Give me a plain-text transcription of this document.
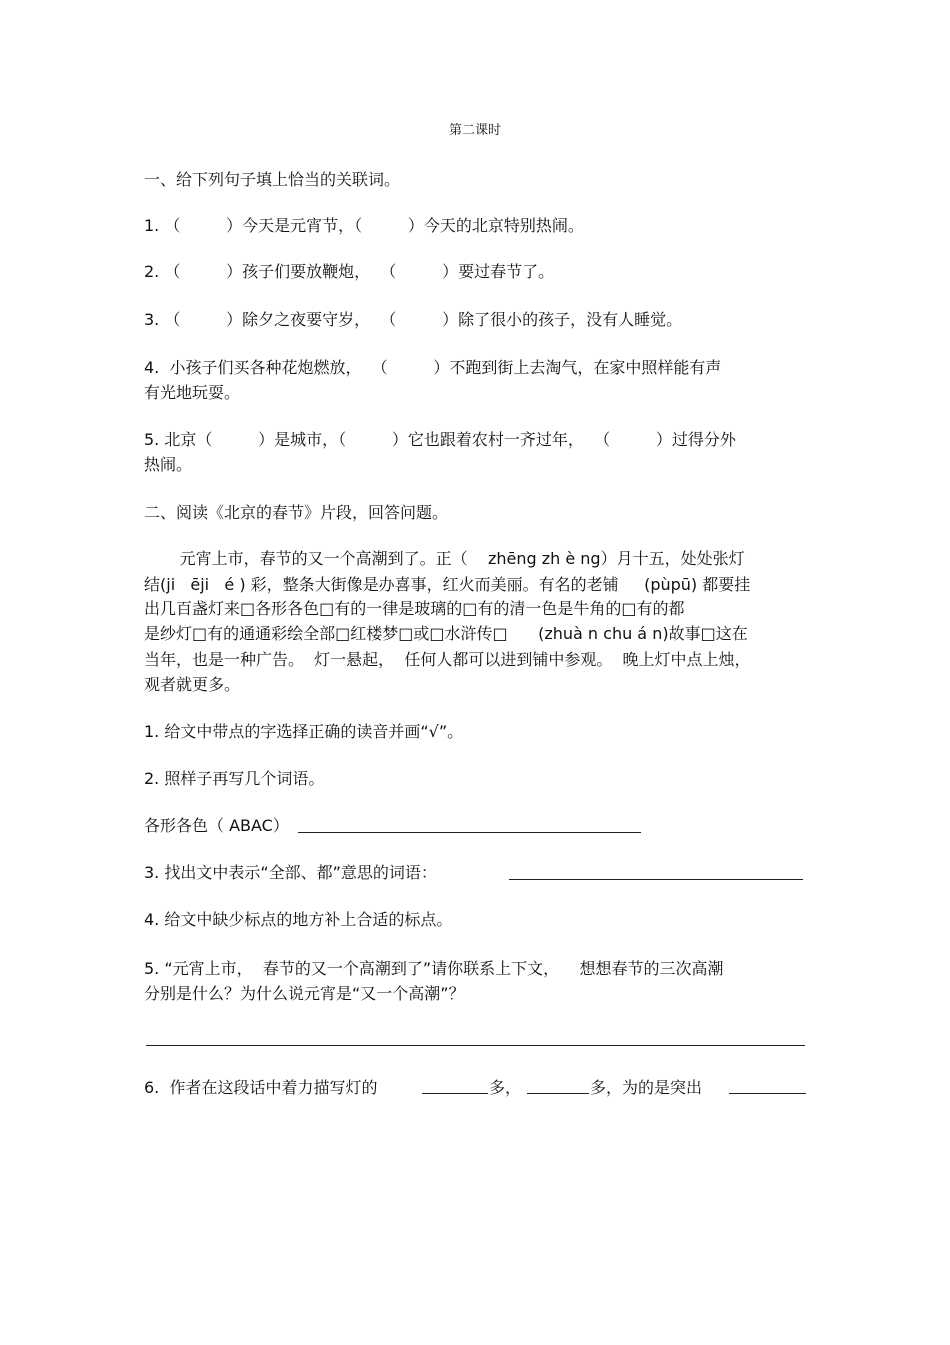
第二课时
一、给下列句子填上恰当的关联词。
1. （         ）今天是元宵节，（         ）今天的北京特别热闹。
2. （         ）孩子们要放鞭炮，  （         ）要过春节了。
3. （         ）除夕之夜要守岁，  （         ）除了很小的孩子，没有人睡觉。
4.  小孩子们买各种花炮燃放，  （         ）不跑到街上去淘气，在家中照样能有声
有光地玩耍。
5. 北京（         ）是城市，（         ）它也跟着农村一齐过年，  （         ）过得分外
热闹。
二、阅读《北京的春节》片段，回答问题。
元宵上市，春节的又一个高潮到了。正（    zhēng zh è ng）月十五，处处张灯
结(ji   ēji   é ) 彩，整条大街像是办喜事，红火而美丽。有名的老铺     (pùpū) 都要挂
出几百盏灯来□各形各色□有的一律是玻璃的□有的清一色是牛角的□有的都
是纱灯□有的通通彩绘全部□红楼梦□或□水浒传□      (zhuà n chu á n)故事□这在
当年，也是一种广告。  灯一悬起，  任何人都可以进到铺中参观。  晚上灯中点上烛，
观者就更多。
1. 给文中带点的字选择正确的读音并画“√”。
2. 照样子再写几个词语。
各形各色（ ABAC）
3. 找出文中表示“全部、都”意思的词语：
4. 给文中缺少标点的地方补上合适的标点。
5. “元宵上市，  春节的又一个高潮到了”请你联系上下文，    想想春节的三次高潮
分别是什么？为什么说元宵是“又一个高潮”？
6.  作者在这段话中着力描写灯的	多，	多，为的是突出
